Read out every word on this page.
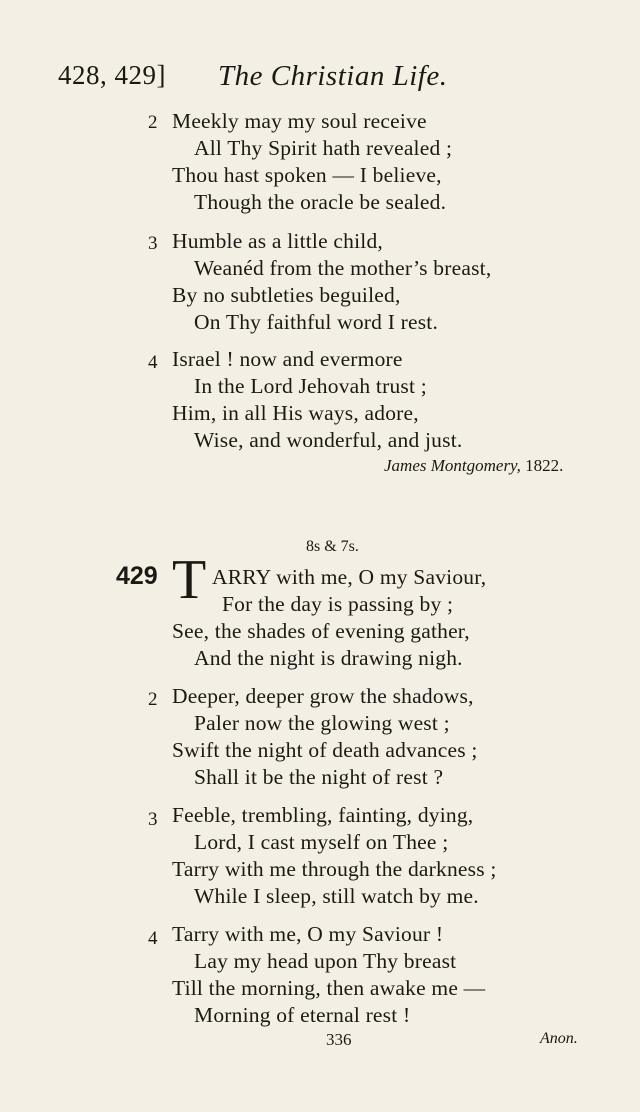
428, 429] The Christian Life.
2 Meekly may my soul receive
All Thy Spirit hath revealed ;
Thou hast spoken — I believe,
Though the oracle be sealed.
3 Humble as a little child,
Weanéd from the mother’s breast,
By no subtleties beguiled,
On Thy faithful word I rest.
4 Israel ! now and evermore
In the Lord Jehovah trust ;
Him, in all His ways, adore,
Wise, and wonderful, and just.
James Montgomery, 1822.
8s & 7s.
429 T ARRY with me, O my Saviour,
For the day is passing by ;
See, the shades of evening gather,
And the night is drawing nigh.
2 Deeper, deeper grow the shadows,
Paler now the glowing west ;
Swift the night of death advances ;
Shall it be the night of rest ?
3 Feeble, trembling, fainting, dying,
Lord, I cast myself on Thee ;
Tarry with me through the darkness ;
While I sleep, still watch by me.
4 Tarry with me, O my Saviour !
Lay my head upon Thy breast
Till the morning, then awake me —
Morning of eternal rest !
336	Anon.
